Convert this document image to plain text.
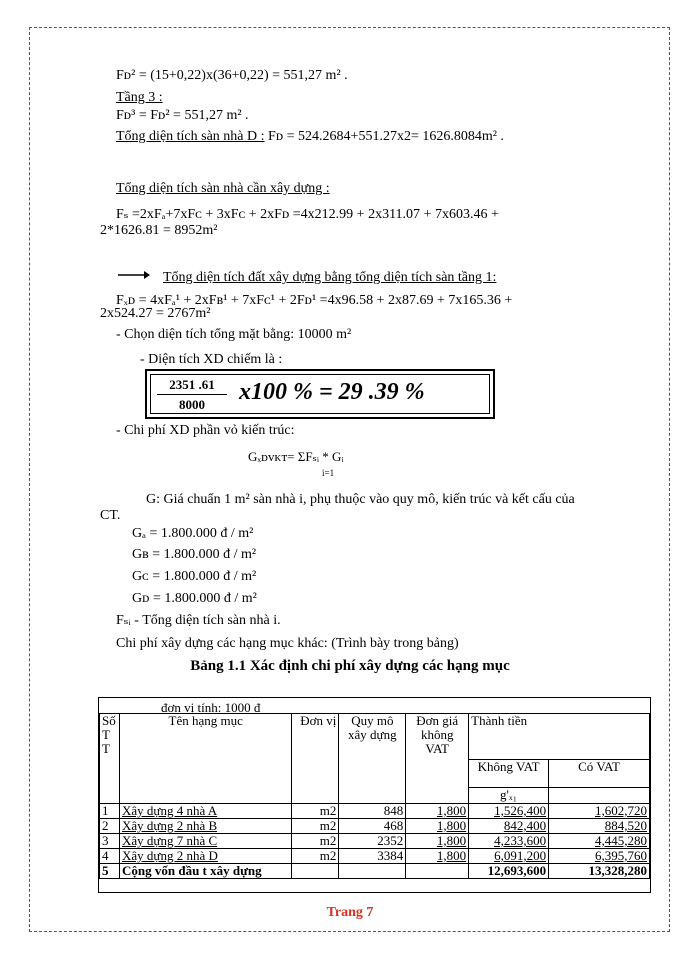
Fᴅ² = (15+0,22)x(36+0,22) = 551,27 m² .
Tầng 3 :
Fᴅ³ = Fᴅ² = 551,27 m² .
Tổng diện tích sàn nhà D : Fᴅ = 524.2684+551.27x2= 1626.8084m² .
Tổng diện tích sàn nhà cần xây dựng :
Fₛ =2xFₐ+7xFᴄ + 3xFᴄ + 2xFᴅ =4x212.99 + 2x311.07 + 7x603.46 +
2*1626.81 = 8952m²
Tổng diện tích đất xây dựng bằng tổng diện tích sàn tầng 1:
Fₓᴅ = 4xFₐ¹ + 2xFʙ¹ + 7xFᴄ¹ + 2Fᴅ¹ =4x96.58 + 2x87.69 + 7x165.36 +
2x524.27 = 2767m²
- Chọn diện tích tổng mặt bằng: 10000 m²
- Diện tích XD chiếm là :
$\frac{2351 .61}{8000} x100$ % = 29 .39 %
- Chi phí XD phần vỏ kiến trúc:
Gₓᴅᴠᴋᴛ= ΣFₛᵢ * Gᵢ
i=1
G: Giá chuẩn 1 m² sàn nhà i, phụ thuộc vào quy mô, kiến trúc và kết cấu của
CT.
Gₐ = 1.800.000 đ / m²
Gʙ = 1.800.000 đ / m²
Gᴄ = 1.800.000 đ / m²
Gᴅ = 1.800.000 đ / m²
Fₛᵢ - Tổng diện tích sàn nhà i.
Chi phí xây dựng các hạng mục khác: (Trình bày trong bảng)
Bảng 1.1 Xác định chi phí xây dựng các hạng mục
đơn vị tính: 1000 đ
Số T T	Tên hạng mục	Đơn vị	Quy mô xây dựng	Đơn giá không VAT	Thành tiền	
					Không VAT	Có VAT
					g'ₓ₁	
1	Xây dựng 4 nhà A	m2	848	1,800	1,526,400	1,602,720
2	Xây dựng 2 nhà B	m2	468	1,800	842,400	884,520
3	Xây dựng 7 nhà C	m2	2352	1,800	4,233,600	4,445,280
4	Xây dựng 2 nhà D	m2	3384	1,800	6,091,200	6,395,760
5	Cộng vốn đầu t xây dựng				12,693,600	13,328,280
Trang 7
